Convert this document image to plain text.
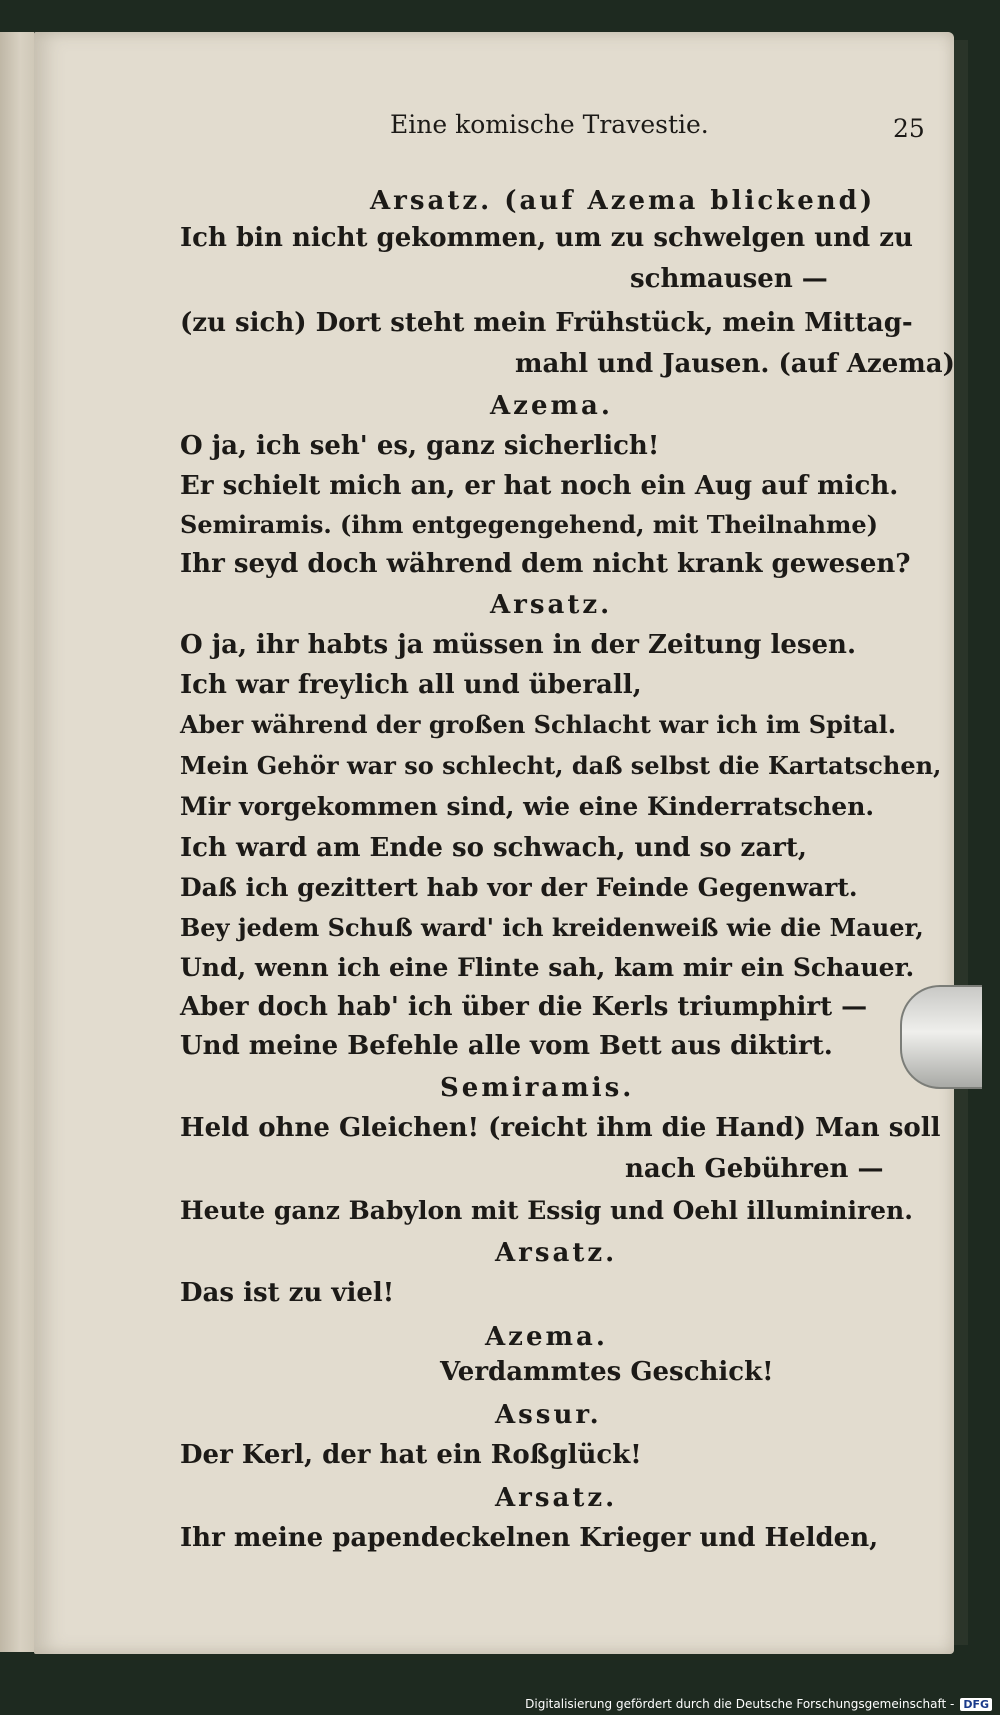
Eine komische Travestie.	25
Arsatz. (auf Azema blickend)
Ich bin nicht gekommen, um zu schwelgen und zu
schmausen —
(zu sich) Dort steht mein Frühstück, mein Mittag-
mahl und Jausen. (auf Azema)
Azema.
O ja, ich seh' es, ganz sicherlich!
Er schielt mich an, er hat noch ein Aug auf mich.
Semiramis. (ihm entgegengehend, mit Theilnahme)
Ihr seyd doch während dem nicht krank gewesen?
Arsatz.
O ja, ihr habts ja müssen in der Zeitung lesen.
Ich war freylich all und überall,
Aber während der großen Schlacht war ich im Spital.
Mein Gehör war so schlecht, daß selbst die Kartatschen,
Mir vorgekommen sind, wie eine Kinderratschen.
Ich ward am Ende so schwach, und so zart,
Daß ich gezittert hab vor der Feinde Gegenwart.
Bey jedem Schuß ward' ich kreidenweiß wie die Mauer,
Und, wenn ich eine Flinte sah, kam mir ein Schauer.
Aber doch hab' ich über die Kerls triumphirt —
Und meine Befehle alle vom Bett aus diktirt.
Semiramis.
Held ohne Gleichen! (reicht ihm die Hand) Man soll
nach Gebühren —
Heute ganz Babylon mit Essig und Oehl illuminiren.
Arsatz.
Das ist zu viel!
Azema.
Verdammtes Geschick!
Assur.
Der Kerl, der hat ein Roßglück!
Arsatz.
Ihr meine papendeckelnen Krieger und Helden,
Digitalisierung gefördert durch die Deutsche Forschungsgemeinschaft - DFG
